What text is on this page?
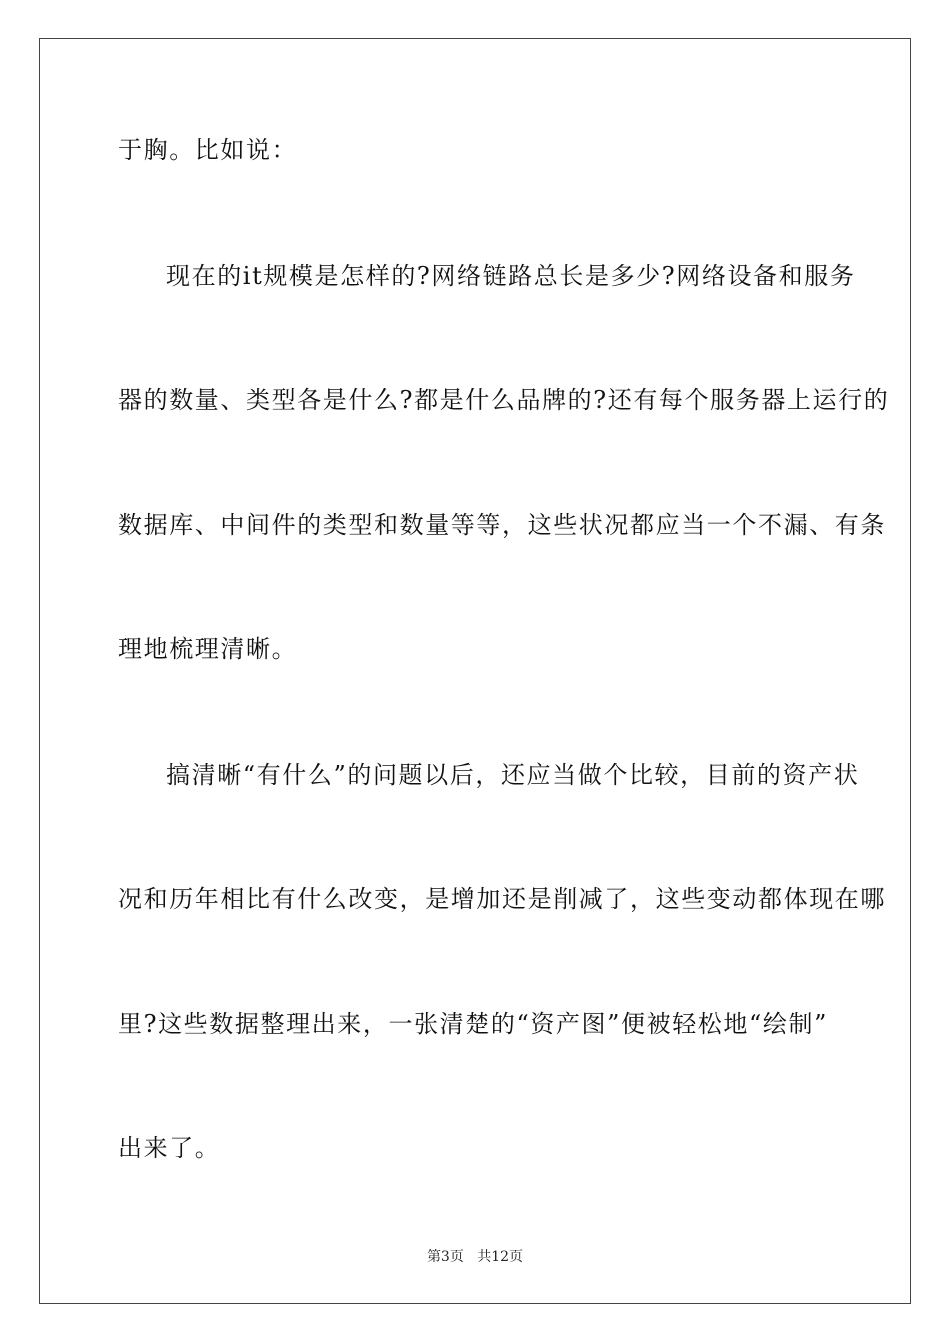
于胸。比如说：
现在的it规模是怎样的?网络链路总长是多少?网络设备和服务
器的数量、类型各是什么?都是什么品牌的?还有每个服务器上运行的
数据库、中间件的类型和数量等等，这些状况都应当一个不漏、有条
理地梳理清晰。
搞清晰“有什么”的问题以后，还应当做个比较，目前的资产状
况和历年相比有什么改变，是增加还是削减了，这些变动都体现在哪
里?这些数据整理出来，一张清楚的“资产图”便被轻松地“绘制”
出来了。
第3页 共12页
